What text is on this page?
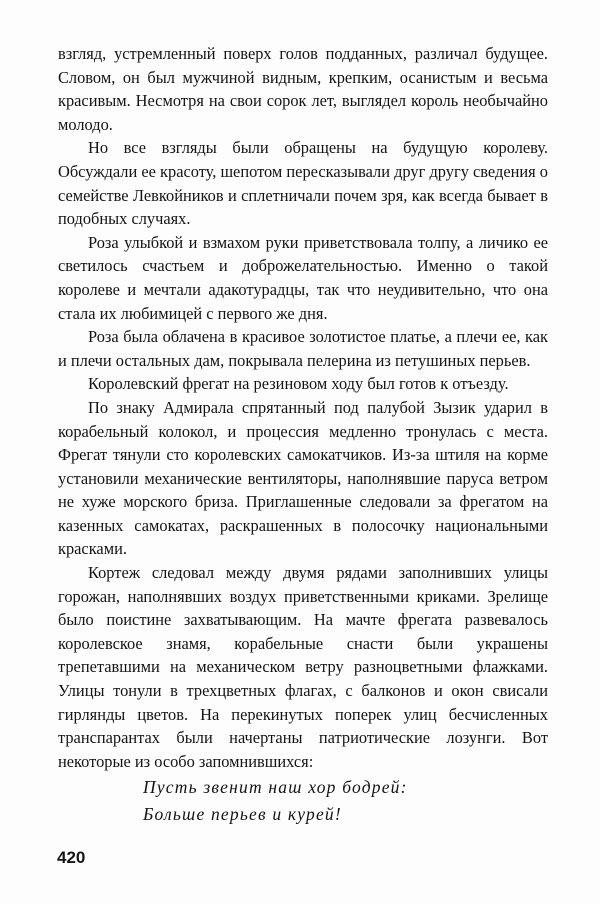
взгляд, устремленный поверх голов подданных, различал будущее. Словом, он был мужчиной видным, крепким, осанистым и весьма красивым. Несмотря на свои сорок лет, выглядел король необычайно молодо.

Но все взгляды были обращены на будущую королеву. Обсуждали ее красоту, шепотом пересказывали друг другу сведения о семействе Левкойников и сплетничали почем зря, как всегда бывает в подобных случаях.

Роза улыбкой и взмахом руки приветствовала толпу, а личико ее светилось счастьем и доброжелательностью. Именно о такой королеве и мечтали адакотурадцы, так что неудивительно, что она стала их любимицей с первого же дня.

Роза была облачена в красивое золотистое платье, а плечи ее, как и плечи остальных дам, покрывала пелерина из петушиных перьев.

Королевский фрегат на резиновом ходу был готов к отъезду.

По знаку Адмирала спрятанный под палубой Зызик ударил в корабельный колокол, и процессия медленно тронулась с места. Фрегат тянули сто королевских самокатчиков. Из-за штиля на корме установили механические вентиляторы, наполнявшие паруса ветром не хуже морского бриза. Приглашенные следовали за фрегатом на казенных самокатах, раскрашенных в полосочку национальными красками.

Кортеж следовал между двумя рядами заполнивших улицы горожан, наполнявших воздух приветственными криками. Зрелище было поистине захватывающим. На мачте фрегата развевалось королевское знамя, корабельные снасти были украшены трепетавшими на механическом ветру разноцветными флажками. Улицы тонули в трехцветных флагах, с балконов и окон свисали гирлянды цветов. На перекинутых поперек улиц бесчисленных транспарантах были начертаны патриотические лозунги. Вот некоторые из особо запомнившихся:

Пусть звенит наш хор бодрей:
Больше перьев и курей!
420
